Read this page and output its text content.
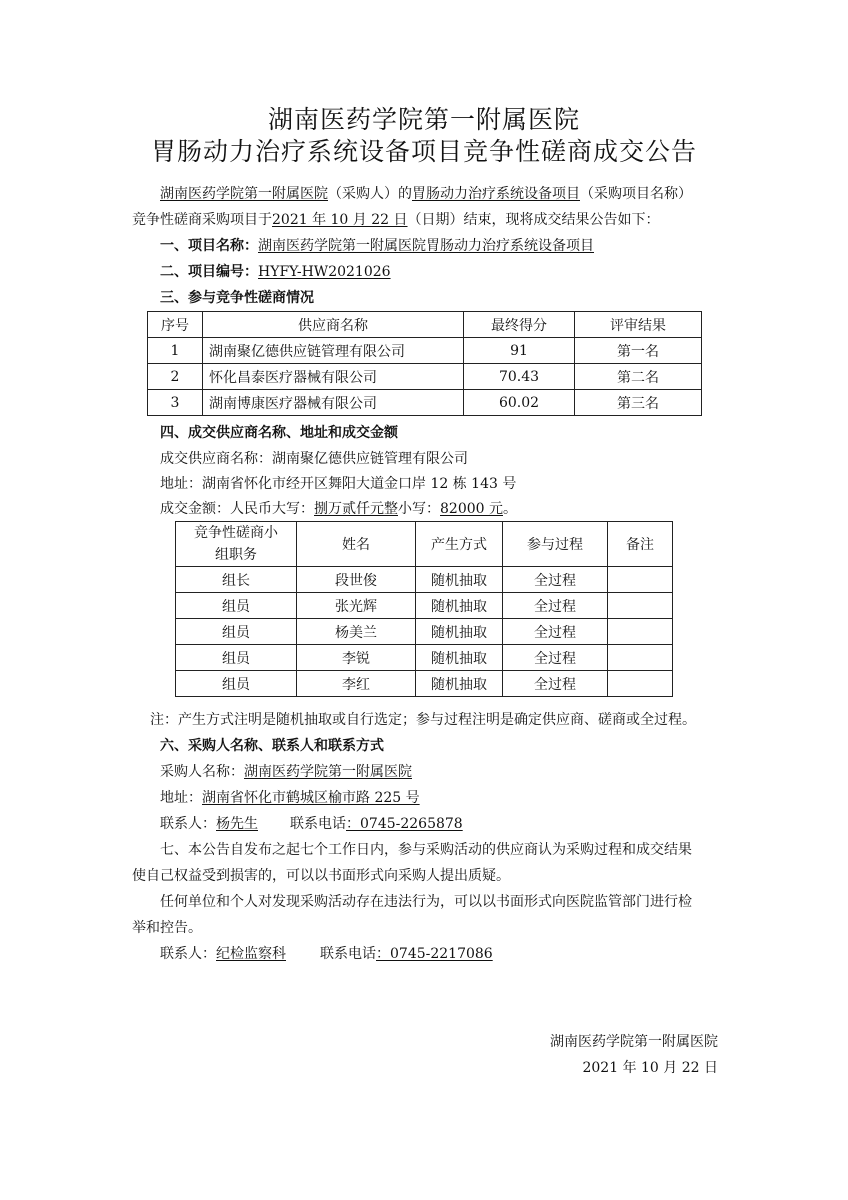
湖南医药学院第一附属医院
胃肠动力治疗系统设备项目竞争性磋商成交公告
湖南医药学院第一附属医院（采购人）的胃肠动力治疗系统设备项目（采购项目名称）
竞争性磋商采购项目于2021 年 10 月 22 日（日期）结束，现将成交结果公告如下：
一、项目名称：湖南医药学院第一附属医院胃肠动力治疗系统设备项目
二、项目编号：HYFY-HW2021026
三、参与竞争性磋商情况
序号	供应商名称	最终得分	评审结果
1	湖南聚亿德供应链管理有限公司	91	第一名
2	怀化昌泰医疗器械有限公司	70.43	第二名
3	湖南博康医疗器械有限公司	60.02	第三名
四、成交供应商名称、地址和成交金额
成交供应商名称：湖南聚亿德供应链管理有限公司
地址：湖南省怀化市经开区舞阳大道金口岸 12 栋 143 号
成交金额：人民币大写：捌万贰仟元整小写：82000 元。
竞争性磋商小
组职务	姓名	产生方式	参与过程	备注
组长	段世俊	随机抽取	全过程	
组员	张光辉	随机抽取	全过程	
组员	杨美兰	随机抽取	全过程	
组员	李锐	随机抽取	全过程	
组员	李红	随机抽取	全过程	
注：产生方式注明是随机抽取或自行选定；参与过程注明是确定供应商、磋商或全过程。
六、采购人名称、联系人和联系方式
采购人名称：湖南医药学院第一附属医院
地址：湖南省怀化市鹤城区榆市路 225 号
联系人：杨先生 联系电话：0745-2265878
七、本公告自发布之起七个工作日内，参与采购活动的供应商认为采购过程和成交结果
使自己权益受到损害的，可以以书面形式向采购人提出质疑。
任何单位和个人对发现采购活动存在违法行为，可以以书面形式向医院监管部门进行检
举和控告。
联系人：纪检监察科 联系电话：0745-2217086
湖南医药学院第一附属医院
2021 年 10 月 22 日
